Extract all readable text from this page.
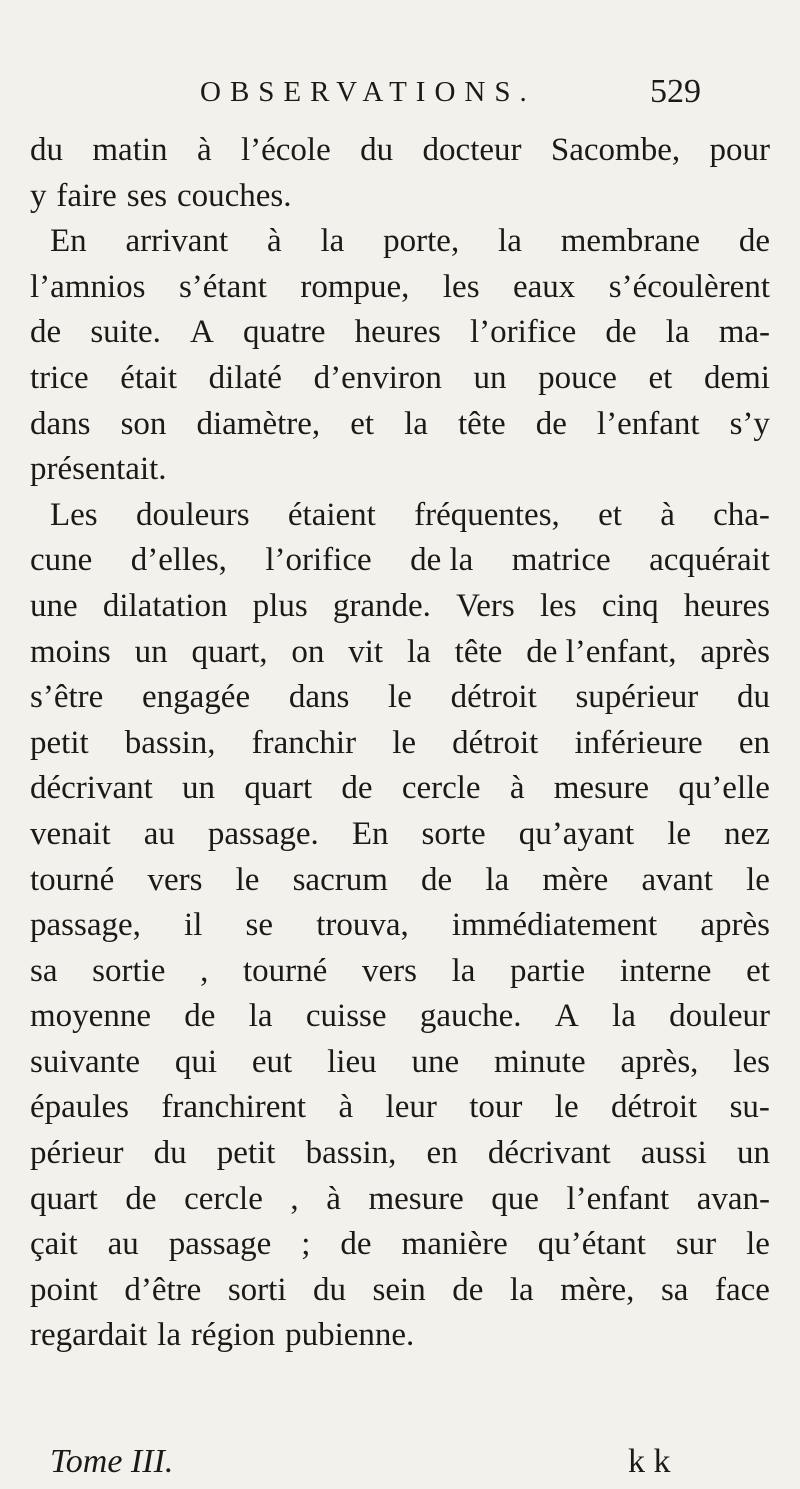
OBSERVATIONS.	529
du matin à l’école du docteur Sacombe, pour
y faire ses couches.
En arrivant à la porte, la membrane de
l’amnios s’étant rompue, les eaux s’écoulèrent
de suite. A quatre heures l’orifice de la ma-
trice était dilaté d’environ un pouce et demi
dans son diamètre, et la tête de l’enfant s’y
présentait.
Les douleurs étaient fréquentes, et à cha-
cune d’elles, l’orifice de la matrice acquérait
une dilatation plus grande. Vers les cinq heures
moins un quart, on vit la tête de l’enfant, après
s’être engagée dans le détroit supérieur du
petit bassin, franchir le détroit inférieure en
décrivant un quart de cercle à mesure qu’elle
venait au passage. En sorte qu’ayant le nez
tourné vers le sacrum de la mère avant le
passage, il se trouva, immédiatement après
sa sortie , tourné vers la partie interne et
moyenne de la cuisse gauche. A la douleur
suivante qui eut lieu une minute après, les
épaules franchirent à leur tour le détroit su-
périeur du petit bassin, en décrivant aussi un
quart de cercle , à mesure que l’enfant avan-
çait au passage ; de manière qu’étant sur le
point d’être sorti du sein de la mère, sa face
regardait la région pubienne.
Tome III.	k k
